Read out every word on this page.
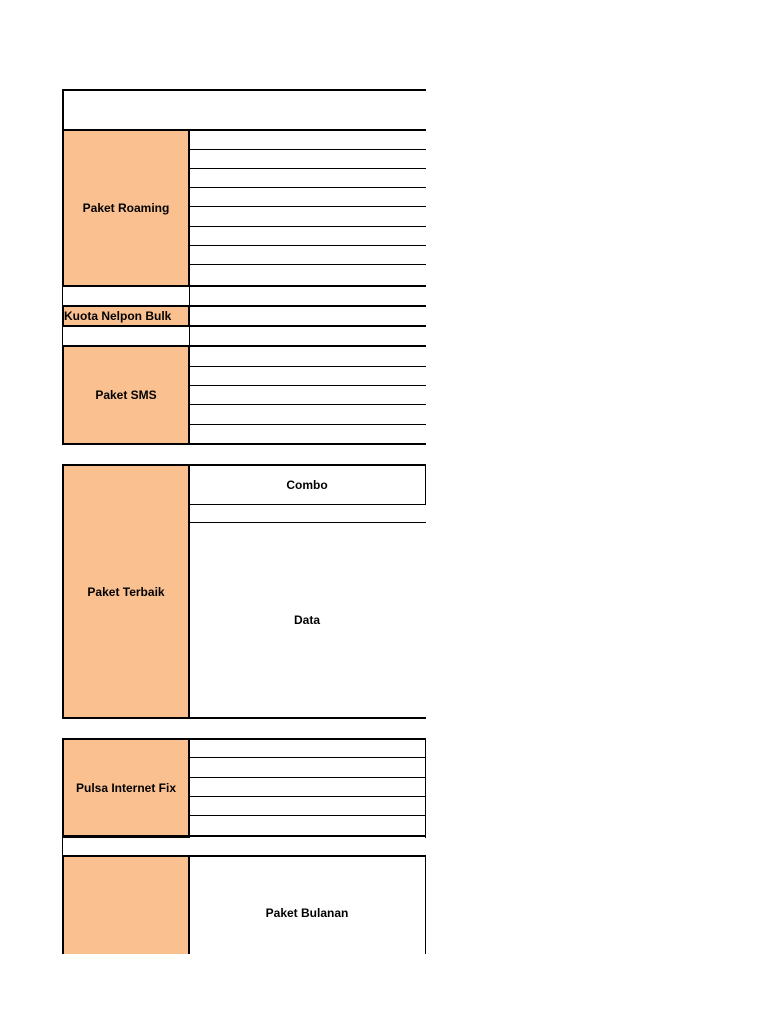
Paket Roaming
Kuota Nelpon Bulk
Paket SMS
Paket Terbaik
Combo
Data
Pulsa Internet Fix
Paket Bulanan
